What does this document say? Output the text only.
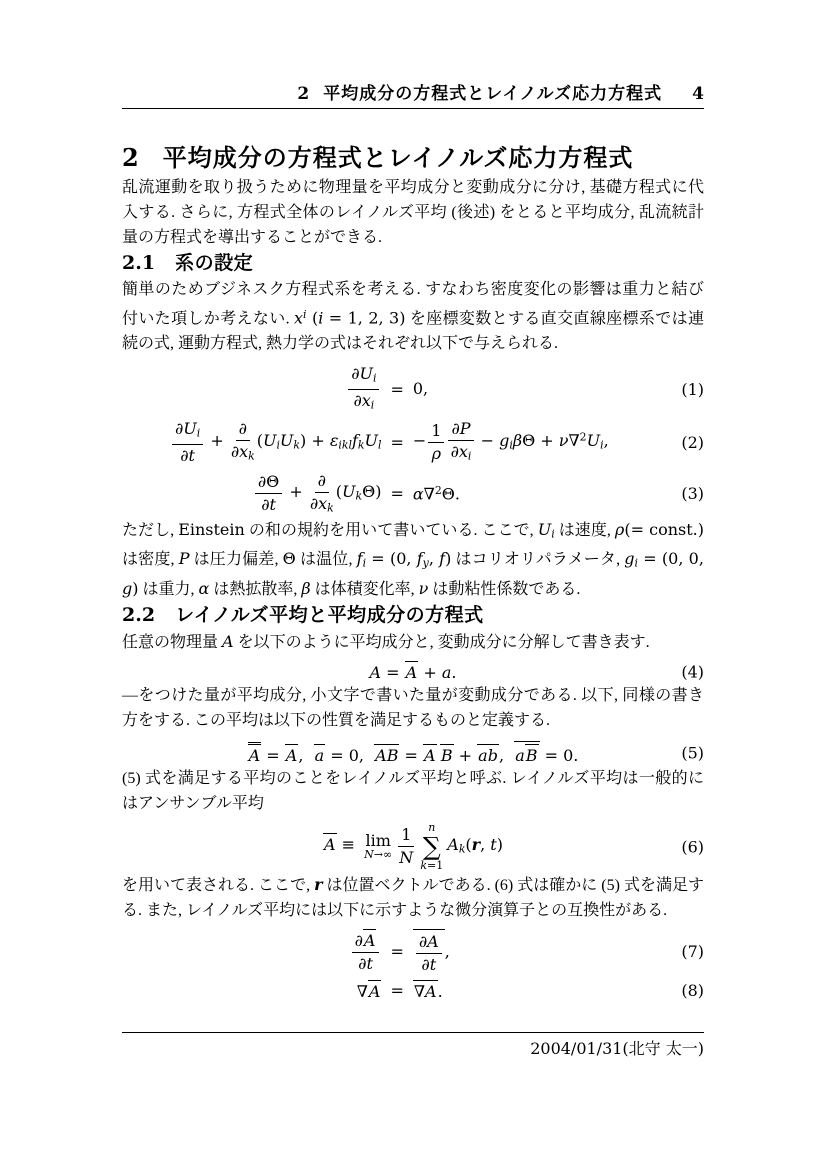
2 平均成分の方程式とレイノルズ応力方程式 4
2 平均成分の方程式とレイノルズ応力方程式

乱流運動を取り扱うために物理量を平均成分と変動成分に分け, 基礎方程式に代入する. さらに, 方程式全体のレイノルズ平均 (後述) をとると平均成分, 乱流統計量の方程式を導出することができる.

2.1 系の設定

簡単のためブジネスク方程式系を考える. すなわち密度変化の影響は重力と結び付いた項しか考えない. $x^i$ (i = 1, 2, 3) を座標変数とする直交直線座標系では連続の式, 運動方程式, 熱力学の式はそれぞれ以下で与えられる.

$\frac{\partial Ui}{\partial xi} = 0$,	(1)
$\frac{\partial Ui}{\partial t} + \frac{\partial}{\partial xk}$ (UiUk) + εiklfkUl = − $\frac{1}{\rho} \frac{\partial P}{\partial xi} - gi\beta\Theta + \nu\nabla^2Ui$,	(2)
$\frac{\partial\Theta}{\partial t} + \frac{\partial}{\partial xk} (Uk\Theta) = \alpha\nabla^2\Theta$.	(3)

ただし, Einstein の和の規約を用いて書いている. ここで, Ui は速度, ρ(= const.) は密度, P は圧力偏差, Θ は温位, fi = (0, fy, f) はコリオリパラメータ, gi = (0, 0, g) は重力, α は熱拡散率, β は体積変化率, ν は動粘性係数である.

2.2 レイノルズ平均と平均成分の方程式

任意の物理量 A を以下のように平均成分と, 変動成分に分解して書き表す.

A = A + a.	(4)

―をつけた量が平均成分, 小文字で書いた量が変動成分である. 以下, 同様の書き方をする. この平均は以下の性質を満足するものと定義する.

A = A,  a = 0,  AB = A  B + ab,  aB = 0.	(5)

(5) 式を満足する平均のことをレイノルズ平均と呼ぶ. レイノルズ平均は一般的にはアンサンブル平均

A ≡ lim
$N\to\infty \frac{1}{N}$ n
∑
k=1
Ak(r, t)	(6)

を用いて表される. ここで, r は位置ベクトルである. (6) 式は確かに (5) 式を満足する. また, レイノルズ平均には以下に示すような微分演算子との互換性がある.

$\frac{\partial A}{\partial t} = \frac{\partial A}{\partial t}$ ,	(7)
∇A = ∇A.	(8)
2004/01/31(北守 太一)
